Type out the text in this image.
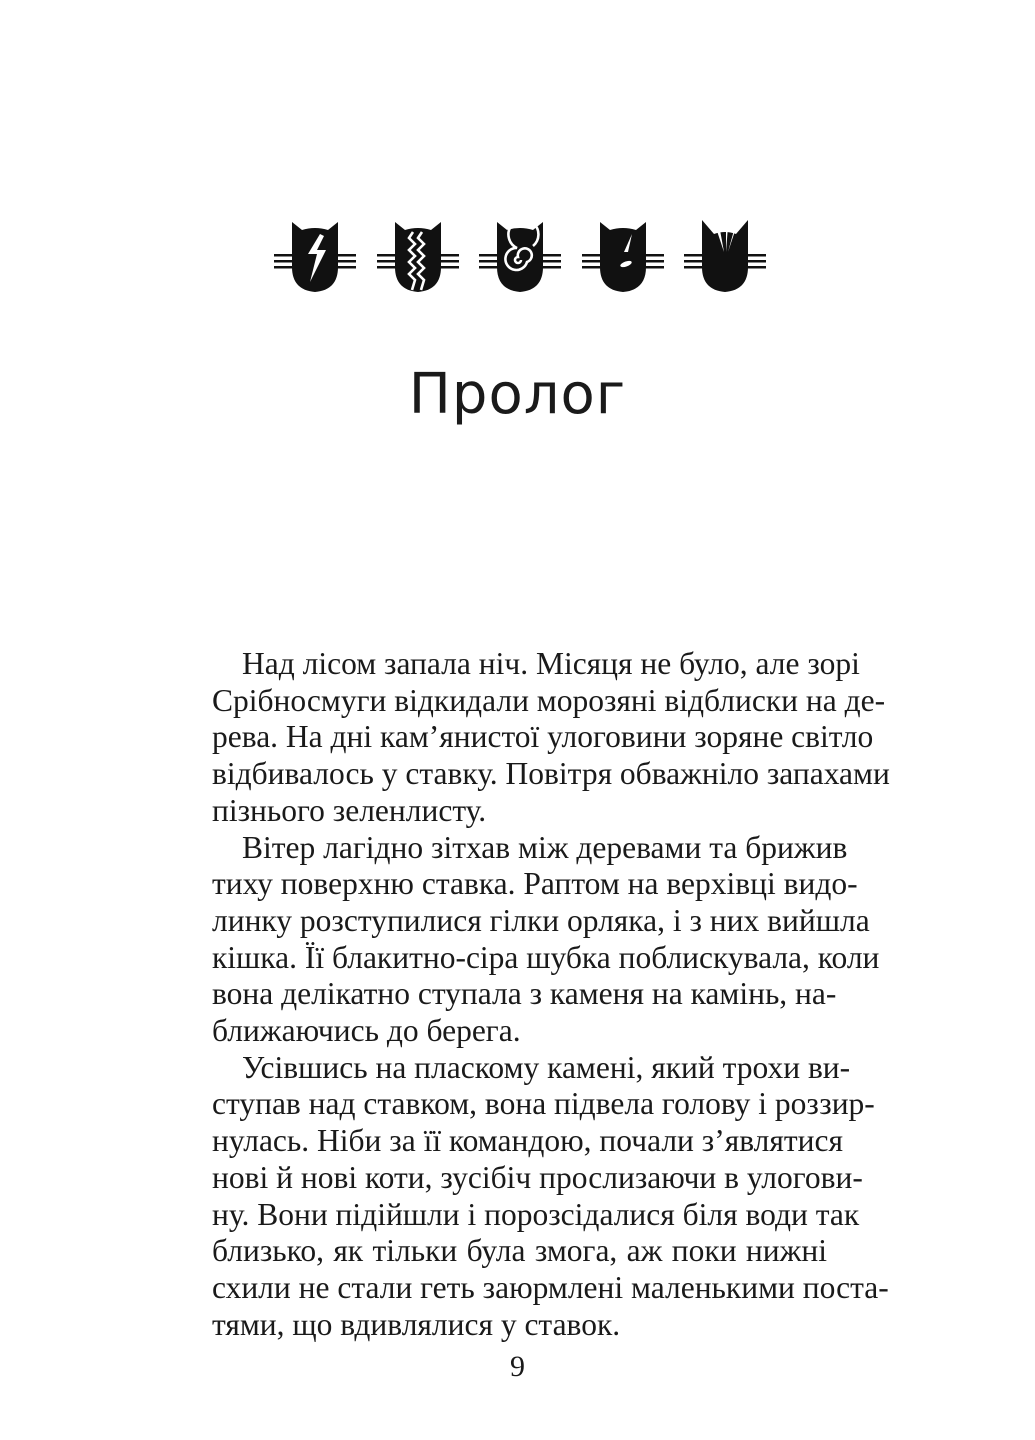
Пролог

Над лісом запала ніч. Місяця не було, але зорі
Срібносмуги відкидали морозяні відблиски на де-
рева. На дні кам’янистої улоговини зоряне світло
відбивалось у ставку. Повітря обважніло запахами
пізнього зеленлисту.

Вітер лагідно зітхав між деревами та брижив
тиху поверхню ставка. Раптом на верхівці видо-
линку розступилися гілки орляка, і з них вийшла
кішка. Її блакитно-сіра шубка поблискувала, коли
вона делікатно ступала з каменя на камінь, на-
ближаючись до берега.

Усівшись на пласкому камені, який трохи ви-
ступав над ставком, вона підвела голову і роззир-
нулась. Ніби за її командою, почали з’являтися
нові й нові коти, зусібіч прослизаючи в улогови-
ну. Вони підійшли і порозсідалися біля води так
близько, як тільки була змога, аж поки нижні
схили не стали геть заюрмлені маленькими поста-
тями, що вдивлялися у ставок.

9
